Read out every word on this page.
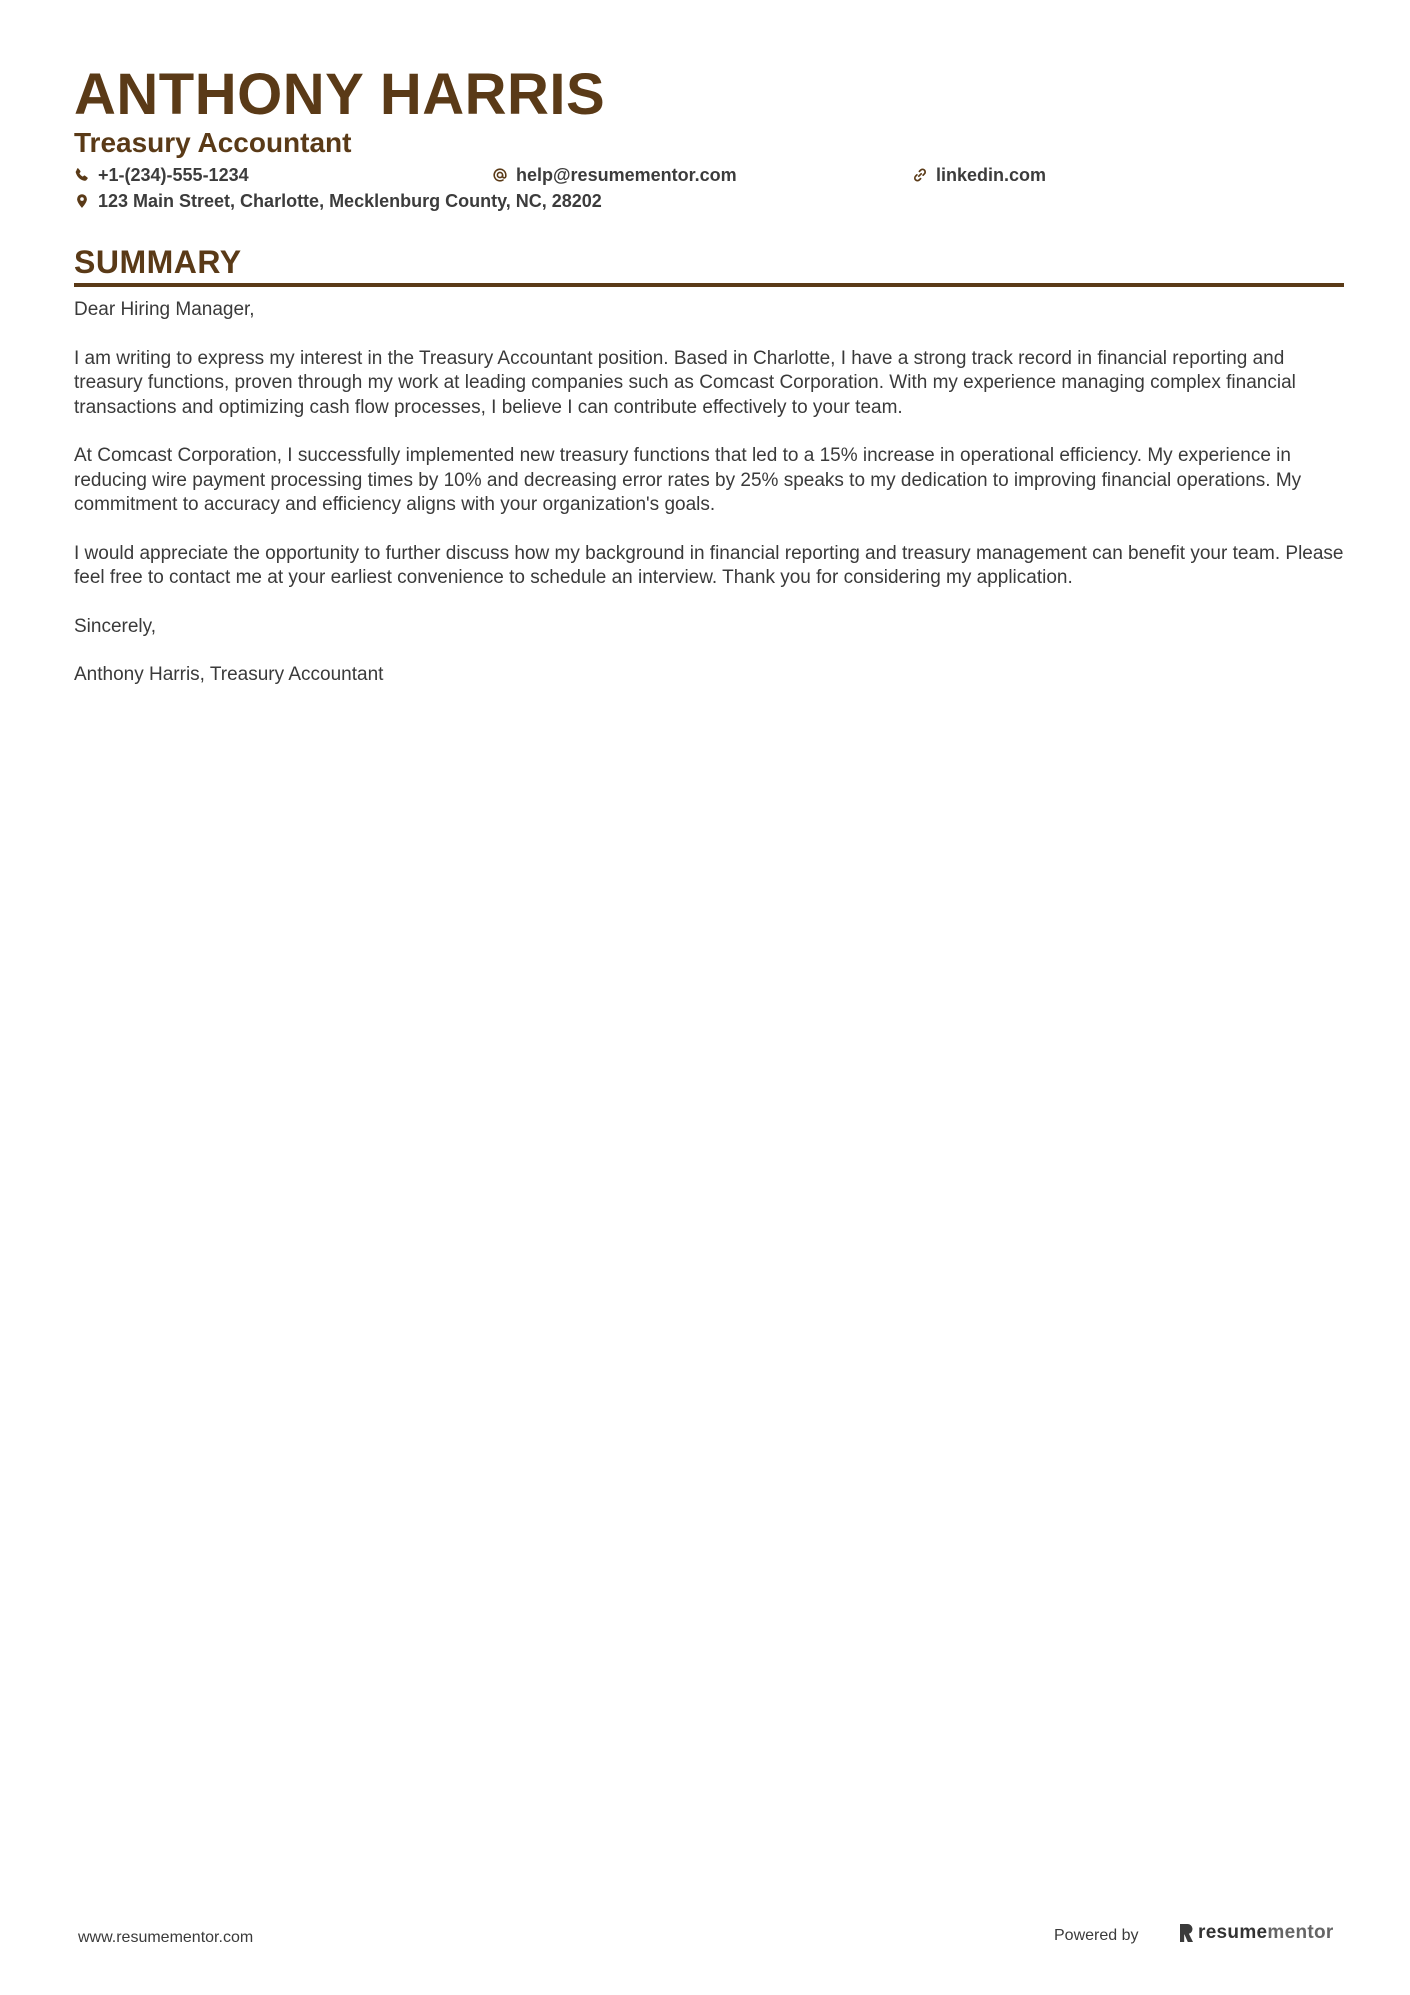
ANTHONY HARRIS
Treasury Accountant
+1-(234)-555-1234	help@resumementor.com	linkedin.com
123 Main Street, Charlotte, Mecklenburg County, NC, 28202
SUMMARY

Dear Hiring Manager,

I am writing to express my interest in the Treasury Accountant position. Based in Charlotte, I have a strong track record in financial reporting and treasury functions, proven through my work at leading companies such as Comcast Corporation. With my experience managing complex financial transactions and optimizing cash flow processes, I believe I can contribute effectively to your team.

At Comcast Corporation, I successfully implemented new treasury functions that led to a 15% increase in operational efficiency. My experience in reducing wire payment processing times by 10% and decreasing error rates by 25% speaks to my dedication to improving financial operations. My commitment to accuracy and efficiency aligns with your organization's goals.

I would appreciate the opportunity to further discuss how my background in financial reporting and treasury management can benefit your team. Please feel free to contact me at your earliest convenience to schedule an interview. Thank you for considering my application.

Sincerely,

Anthony Harris, Treasury Accountant

www.resumementor.com	Powered by	resume mentor
